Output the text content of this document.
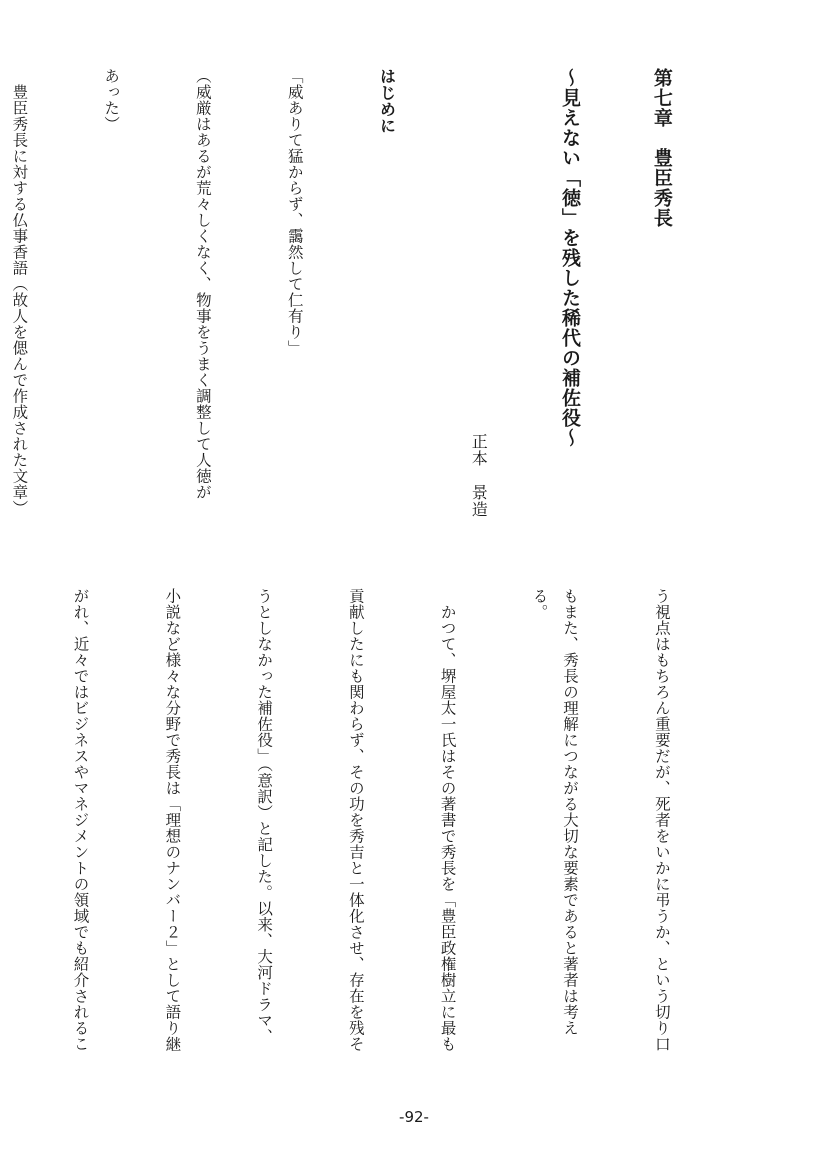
第七章　豊臣秀長

～見えない「徳」を残した稀代の補佐役～

正本　景造

はじめに

「威ありて猛からず、靄然して仁有り」

（威厳はあるが荒々しくなく、物事をうまく調整して人徳が

あった）

　豊臣秀長に対する仏事香語（故人を偲んで作成された文章）

う視点はもちろん重要だが、死者をいかに弔うか、という切り口

もまた、秀長の理解につながる大切な要素であると著者は考える。

　かつて、堺屋太一氏はその著書で秀長を「豊臣政権樹立に最も

貢献したにも関わらず、その功を秀吉と一体化させ、存在を残そ

うとしなかった補佐役」（意訳）と記した。以来、大河ドラマ、

小説など様々な分野で秀長は「理想のナンバー２」として語り継

がれ、近々ではビジネスやマネジメントの領域でも紹介されるこ

-92-
